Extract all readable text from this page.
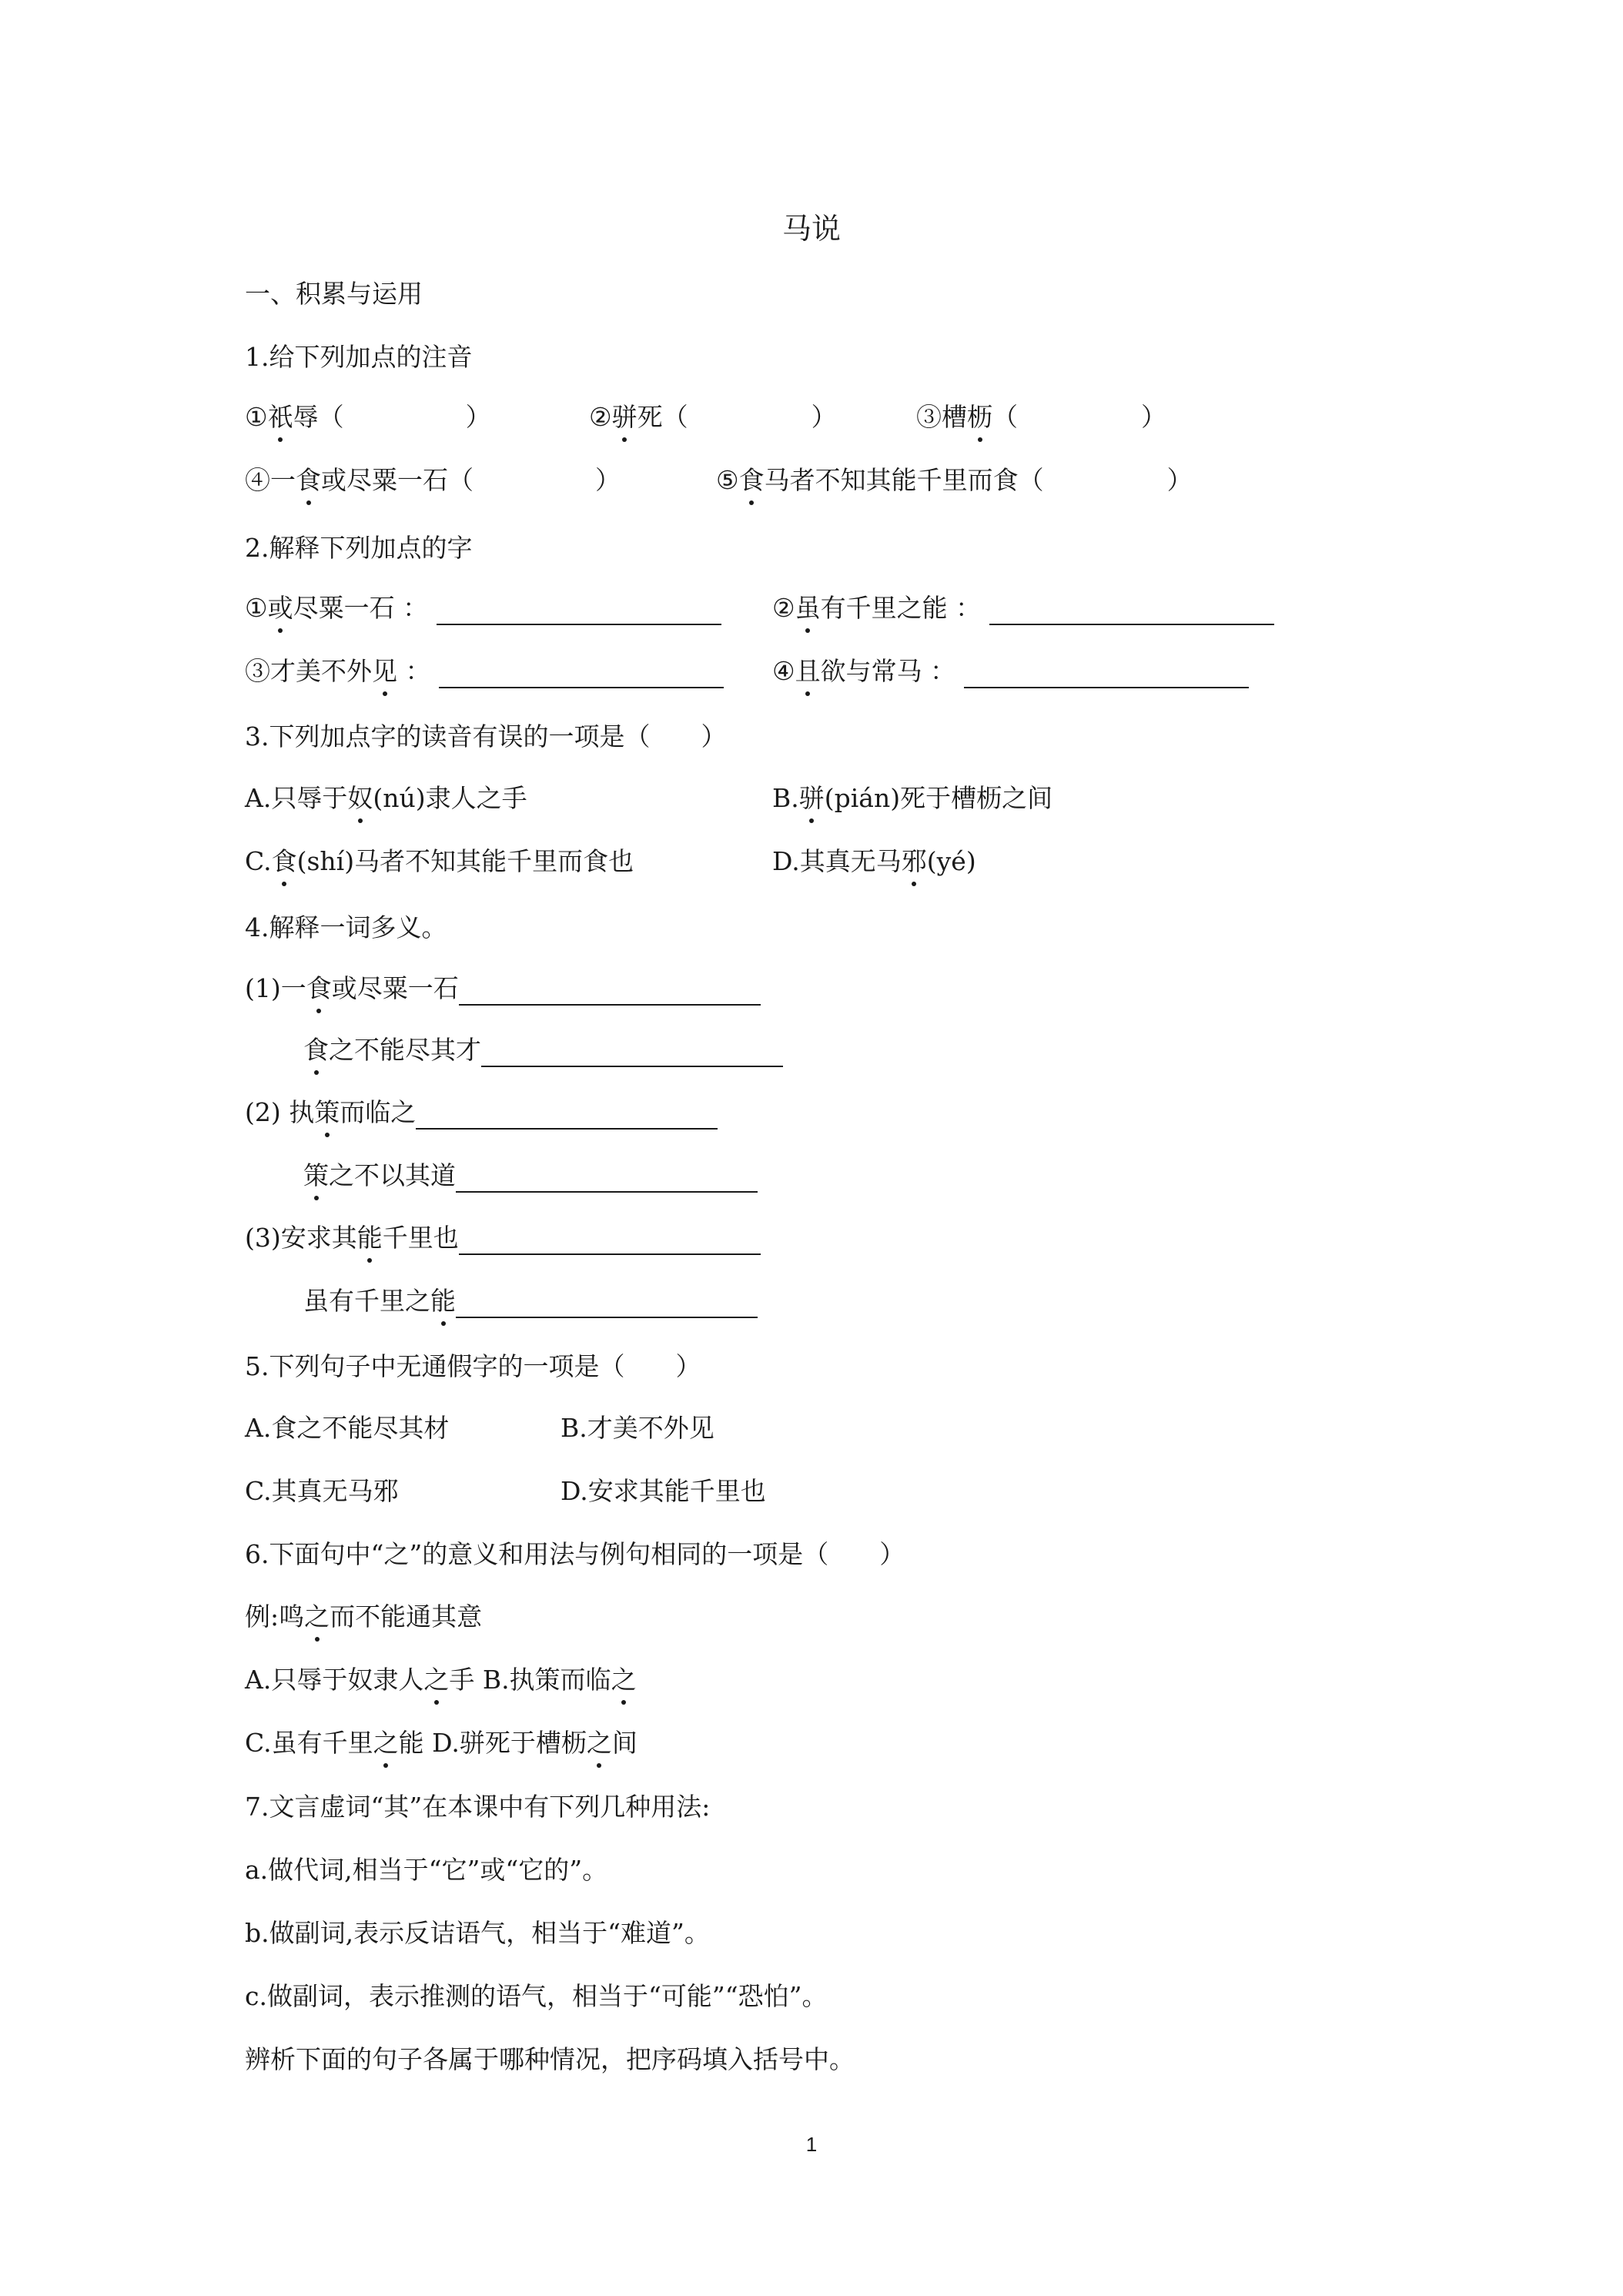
马说
一、积累与运用
1.给下列加点的注音
①祇辱（	）	②骈死（	）	③槽枥（	）
④一食或尽粟一石（	）	⑤食马者不知其能千里而食（	）
2.解释下列加点的字
①或尽粟一石 ：	②虽有千里之能 ：
③才美不外见 ：	④且欲与常马 ：
3.下列加点字的读音有误的一项是（　　）
A.只辱于奴(nú)隶人之手	B.骈(pián)死于槽枥之间
C.食(shí)马者不知其能千里而食也	D.其真无马邪(yé)
4.解释一词多义。
(1)一食或尽粟一石
食之不能尽其才
(2) 执策而临之
策之不以其道
(3)安求其能千里也
虽有千里之能
5.下列句子中无通假字的一项是（　　）
A.食之不能尽其材	B.才美不外见
C.其真无马邪	D.安求其能千里也
6.下面句中“之”的意义和用法与例句相同的一项是（　　）
例:鸣之而不能通其意
A.只辱于奴隶人之手 B.执策而临之
C.虽有千里之能 D.骈死于槽枥之间
7.文言虚词“其”在本课中有下列几种用法:
a.做代词,相当于“它”或“它的”。
b.做副词,表示反诘语气，相当于“难道”。
c.做副词，表示推测的语气，相当于“可能”“恐怕”。
辨析下面的句子各属于哪种情况，把序码填入括号中。
1
